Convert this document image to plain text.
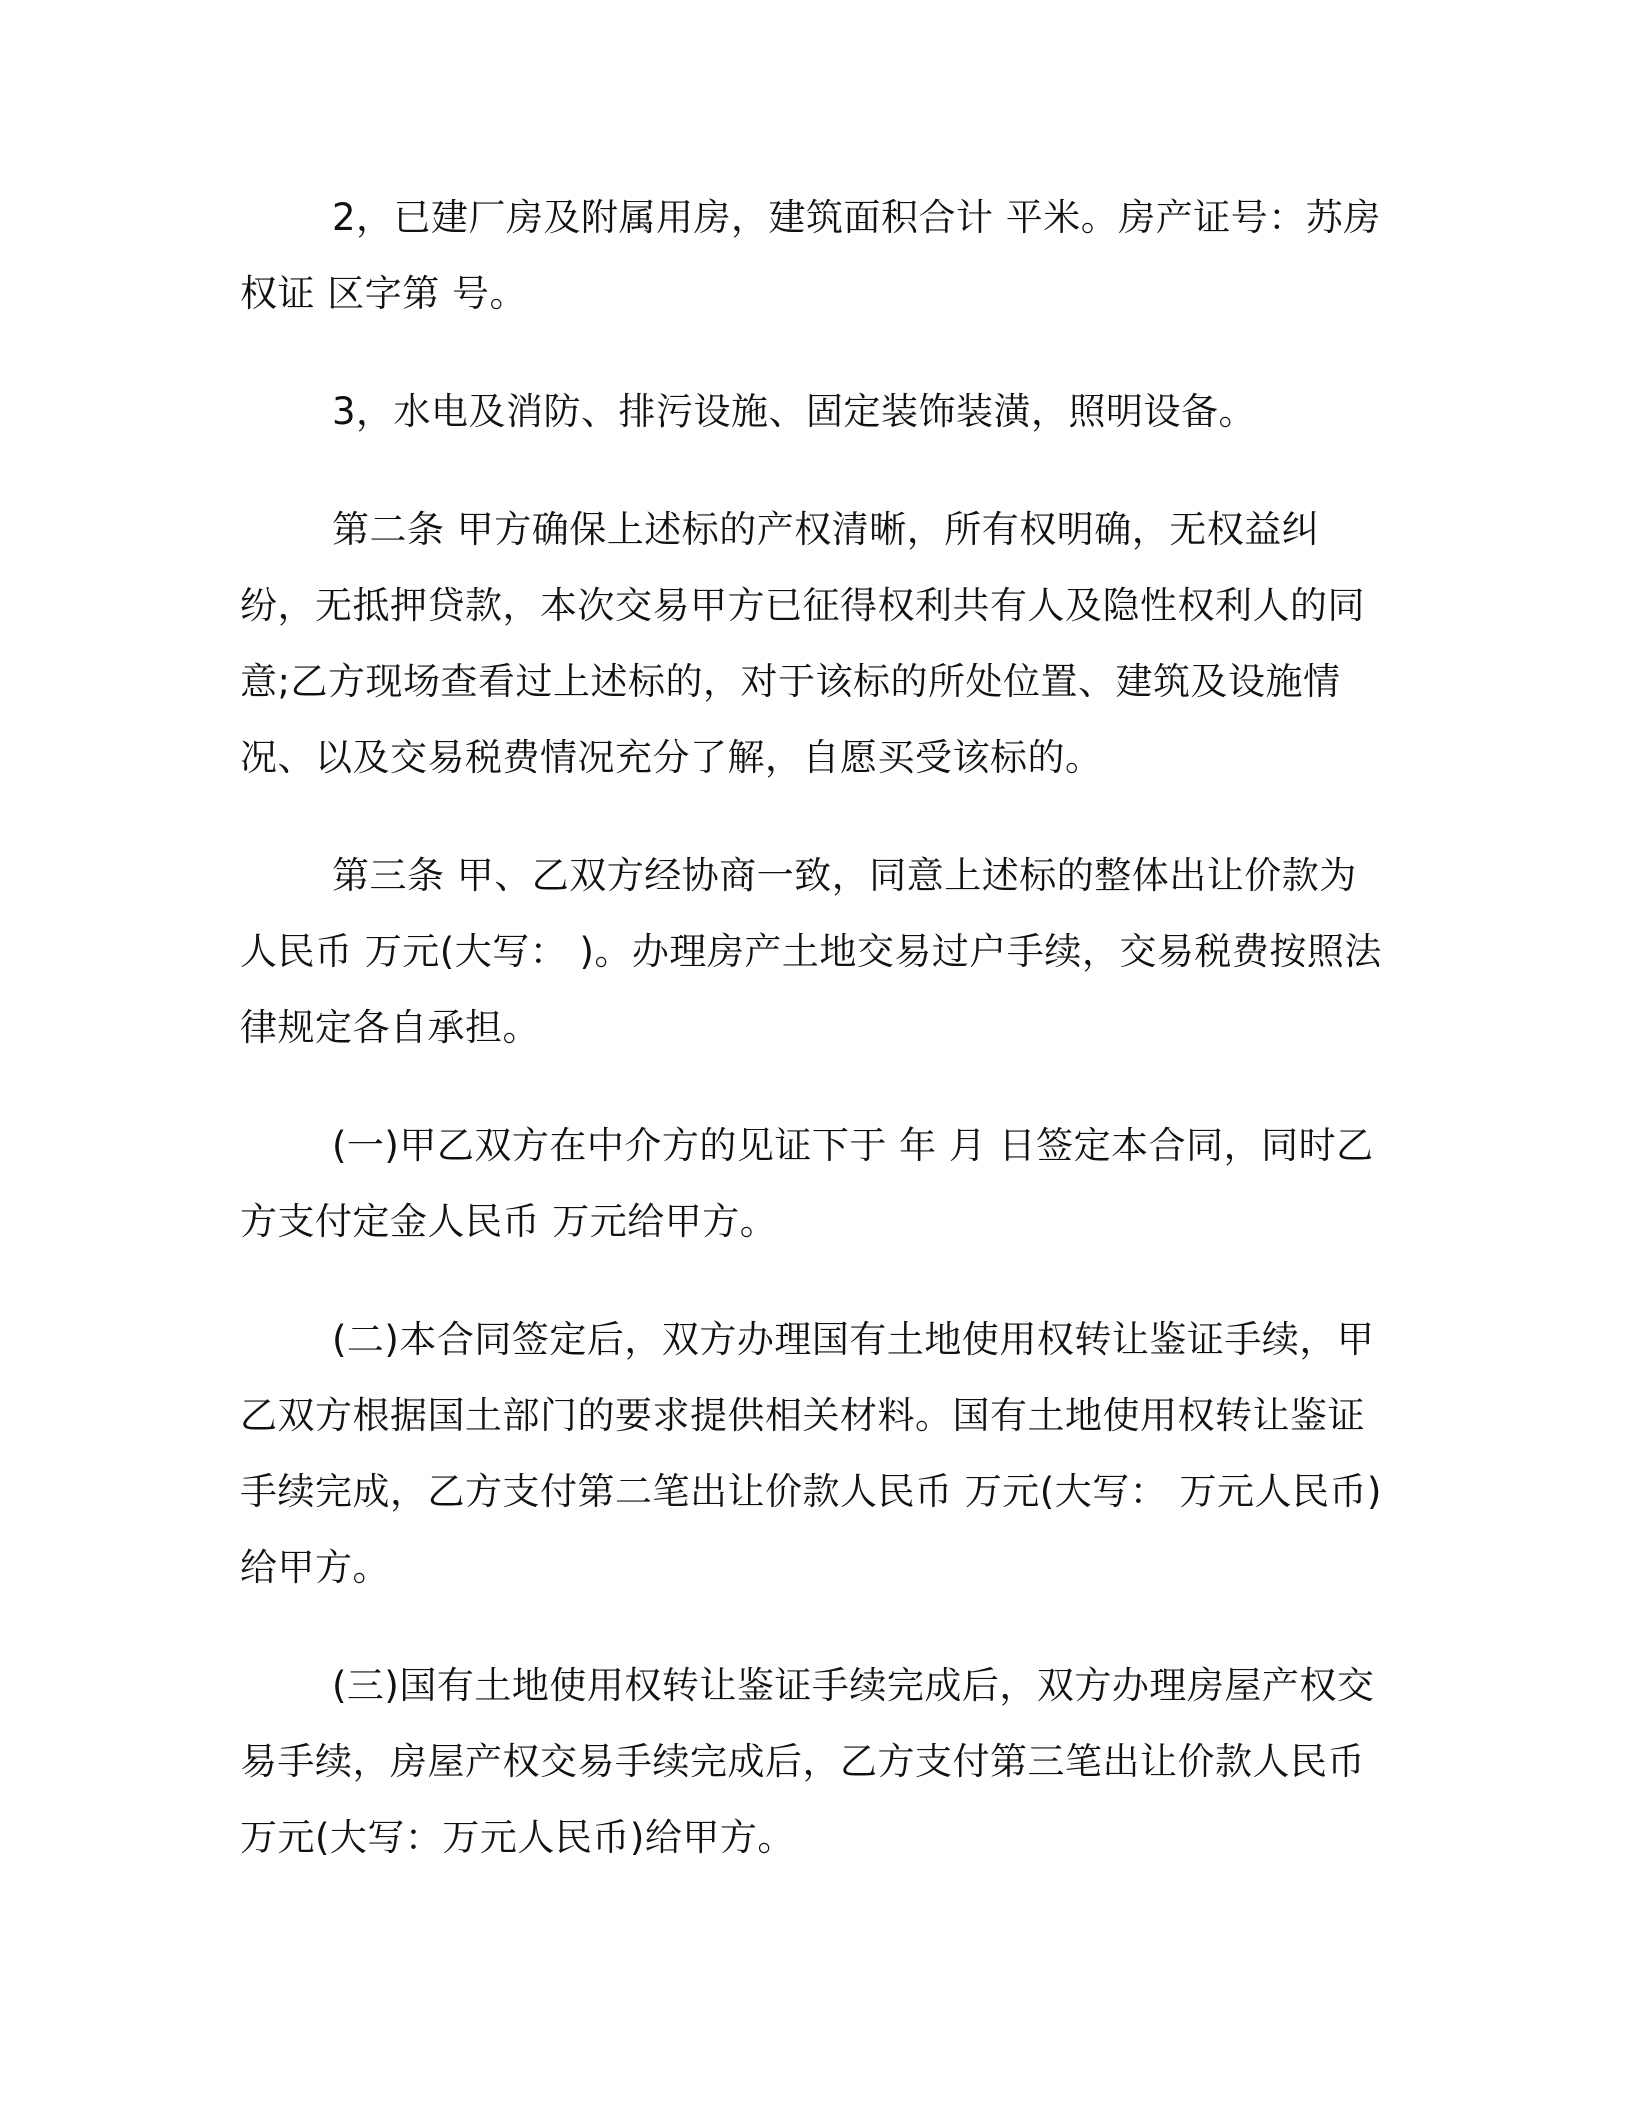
2，已建厂房及附属用房，建筑面积合计 平米。房产证号：苏房权证 区字第 号。

3，水电及消防、排污设施、固定装饰装潢，照明设备。

第二条 甲方确保上述标的产权清晰，所有权明确，无权益纠纷，无抵押贷款，本次交易甲方已征得权利共有人及隐性权利人的同意;乙方现场查看过上述标的，对于该标的所处位置、建筑及设施情况、以及交易税费情况充分了解，自愿买受该标的。

第三条 甲、乙双方经协商一致，同意上述标的整体出让价款为人民币 万元(大写： )。办理房产土地交易过户手续，交易税费按照法律规定各自承担。

(一)甲乙双方在中介方的见证下于 年 月 日签定本合同，同时乙方支付定金人民币 万元给甲方。

(二)本合同签定后，双方办理国有土地使用权转让鉴证手续，甲乙双方根据国土部门的要求提供相关材料。国有土地使用权转让鉴证手续完成，乙方支付第二笔出让价款人民币 万元(大写： 万元人民币)给甲方。

(三)国有土地使用权转让鉴证手续完成后，双方办理房屋产权交易手续，房屋产权交易手续完成后，乙方支付第三笔出让价款人民币 万元(大写：万元人民币)给甲方。
